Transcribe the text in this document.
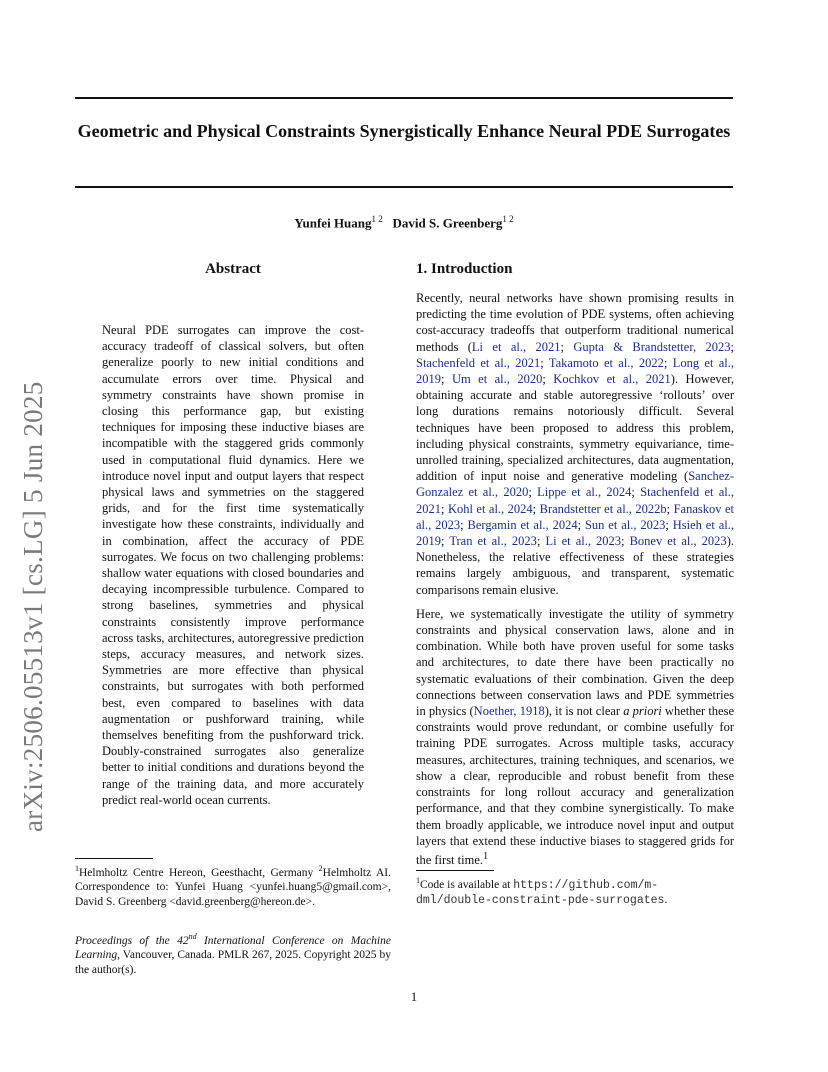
Geometric and Physical Constraints Synergistically Enhance Neural PDE Surrogates
Yunfei Huang$^{1 2}$ David S. Greenberg$^{1 2}$
arXiv:2506.05513v1 [cs.LG] 5 Jun 2025
Abstract

Neural PDE surrogates can improve the cost-accuracy tradeoff of classical solvers, but often generalize poorly to new initial conditions and accumulate errors over time. Physical and symmetry constraints have shown promise in closing this performance gap, but existing techniques for imposing these inductive biases are incompatible with the staggered grids commonly used in computational fluid dynamics. Here we introduce novel input and output layers that respect physical laws and symmetries on the staggered grids, and for the first time systematically investigate how these constraints, individually and in combination, affect the accuracy of PDE surrogates. We focus on two challenging problems: shallow water equations with closed boundaries and decaying incompressible turbulence. Compared to strong baselines, symmetries and physical constraints consistently improve performance across tasks, architectures, autoregressive prediction steps, accuracy measures, and network sizes. Symmetries are more effective than physical constraints, but surrogates with both performed best, even compared to baselines with data augmentation or pushforward training, while themselves benefiting from the pushforward trick. Doubly-constrained surrogates also generalize better to initial conditions and durations beyond the range of the training data, and more accurately predict real-world ocean currents.

1. Introduction

Recently, neural networks have shown promising results in predicting the time evolution of PDE systems, often achieving cost-accuracy tradeoffs that outperform traditional numerical methods (Li et al., 2021; Gupta & Brandstetter, 2023; Stachenfeld et al., 2021; Takamoto et al., 2022; Long et al., 2019; Um et al., 2020; Kochkov et al., 2021). However, obtaining accurate and stable autoregressive ‘rollouts’ over long durations remains notoriously difficult. Several techniques have been proposed to address this problem, including physical constraints, symmetry equivariance, time-unrolled training, specialized architectures, data augmentation, addition of input noise and generative modeling (Sanchez-Gonzalez et al., 2020; Lippe et al., 2024; Stachenfeld et al., 2021; Kohl et al., 2024; Brandstetter et al., 2022b; Fanaskov et al., 2023; Bergamin et al., 2024; Sun et al., 2023; Hsieh et al., 2019; Tran et al., 2023; Li et al., 2023; Bonev et al., 2023). Nonetheless, the relative effectiveness of these strategies remains largely ambiguous, and transparent, systematic comparisons remain elusive.

Here, we systematically investigate the utility of symmetry constraints and physical conservation laws, alone and in combination. While both have proven useful for some tasks and architectures, to date there have been practically no systematic evaluations of their combination. Given the deep connections between conservation laws and PDE symmetries in physics (Noether, 1918), it is not clear a priori whether these constraints would prove redundant, or combine usefully for training PDE surrogates. Across multiple tasks, accuracy measures, architectures, training techniques, and scenarios, we show a clear, reproducible and robust benefit from these constraints for long rollout accuracy and generalization performance, and that they combine synergistically. To make them broadly applicable, we introduce novel input and output layers that extend these inductive biases to staggered grids for the first time.$^1$

$^1$Helmholtz Centre Hereon, Geesthacht, Germany $^2$Helmholtz AI. Correspondence to: Yunfei Huang <yunfei.huang5@gmail.com>, David S. Greenberg <david.greenberg@hereon.de>.
Proceedings of the 42nd International Conference on Machine Learning, Vancouver, Canada. PMLR 267, 2025. Copyright 2025 by the author(s).
$^1$Code is available at https://github.com/m-dml/double-constraint-pde-surrogates.
1
